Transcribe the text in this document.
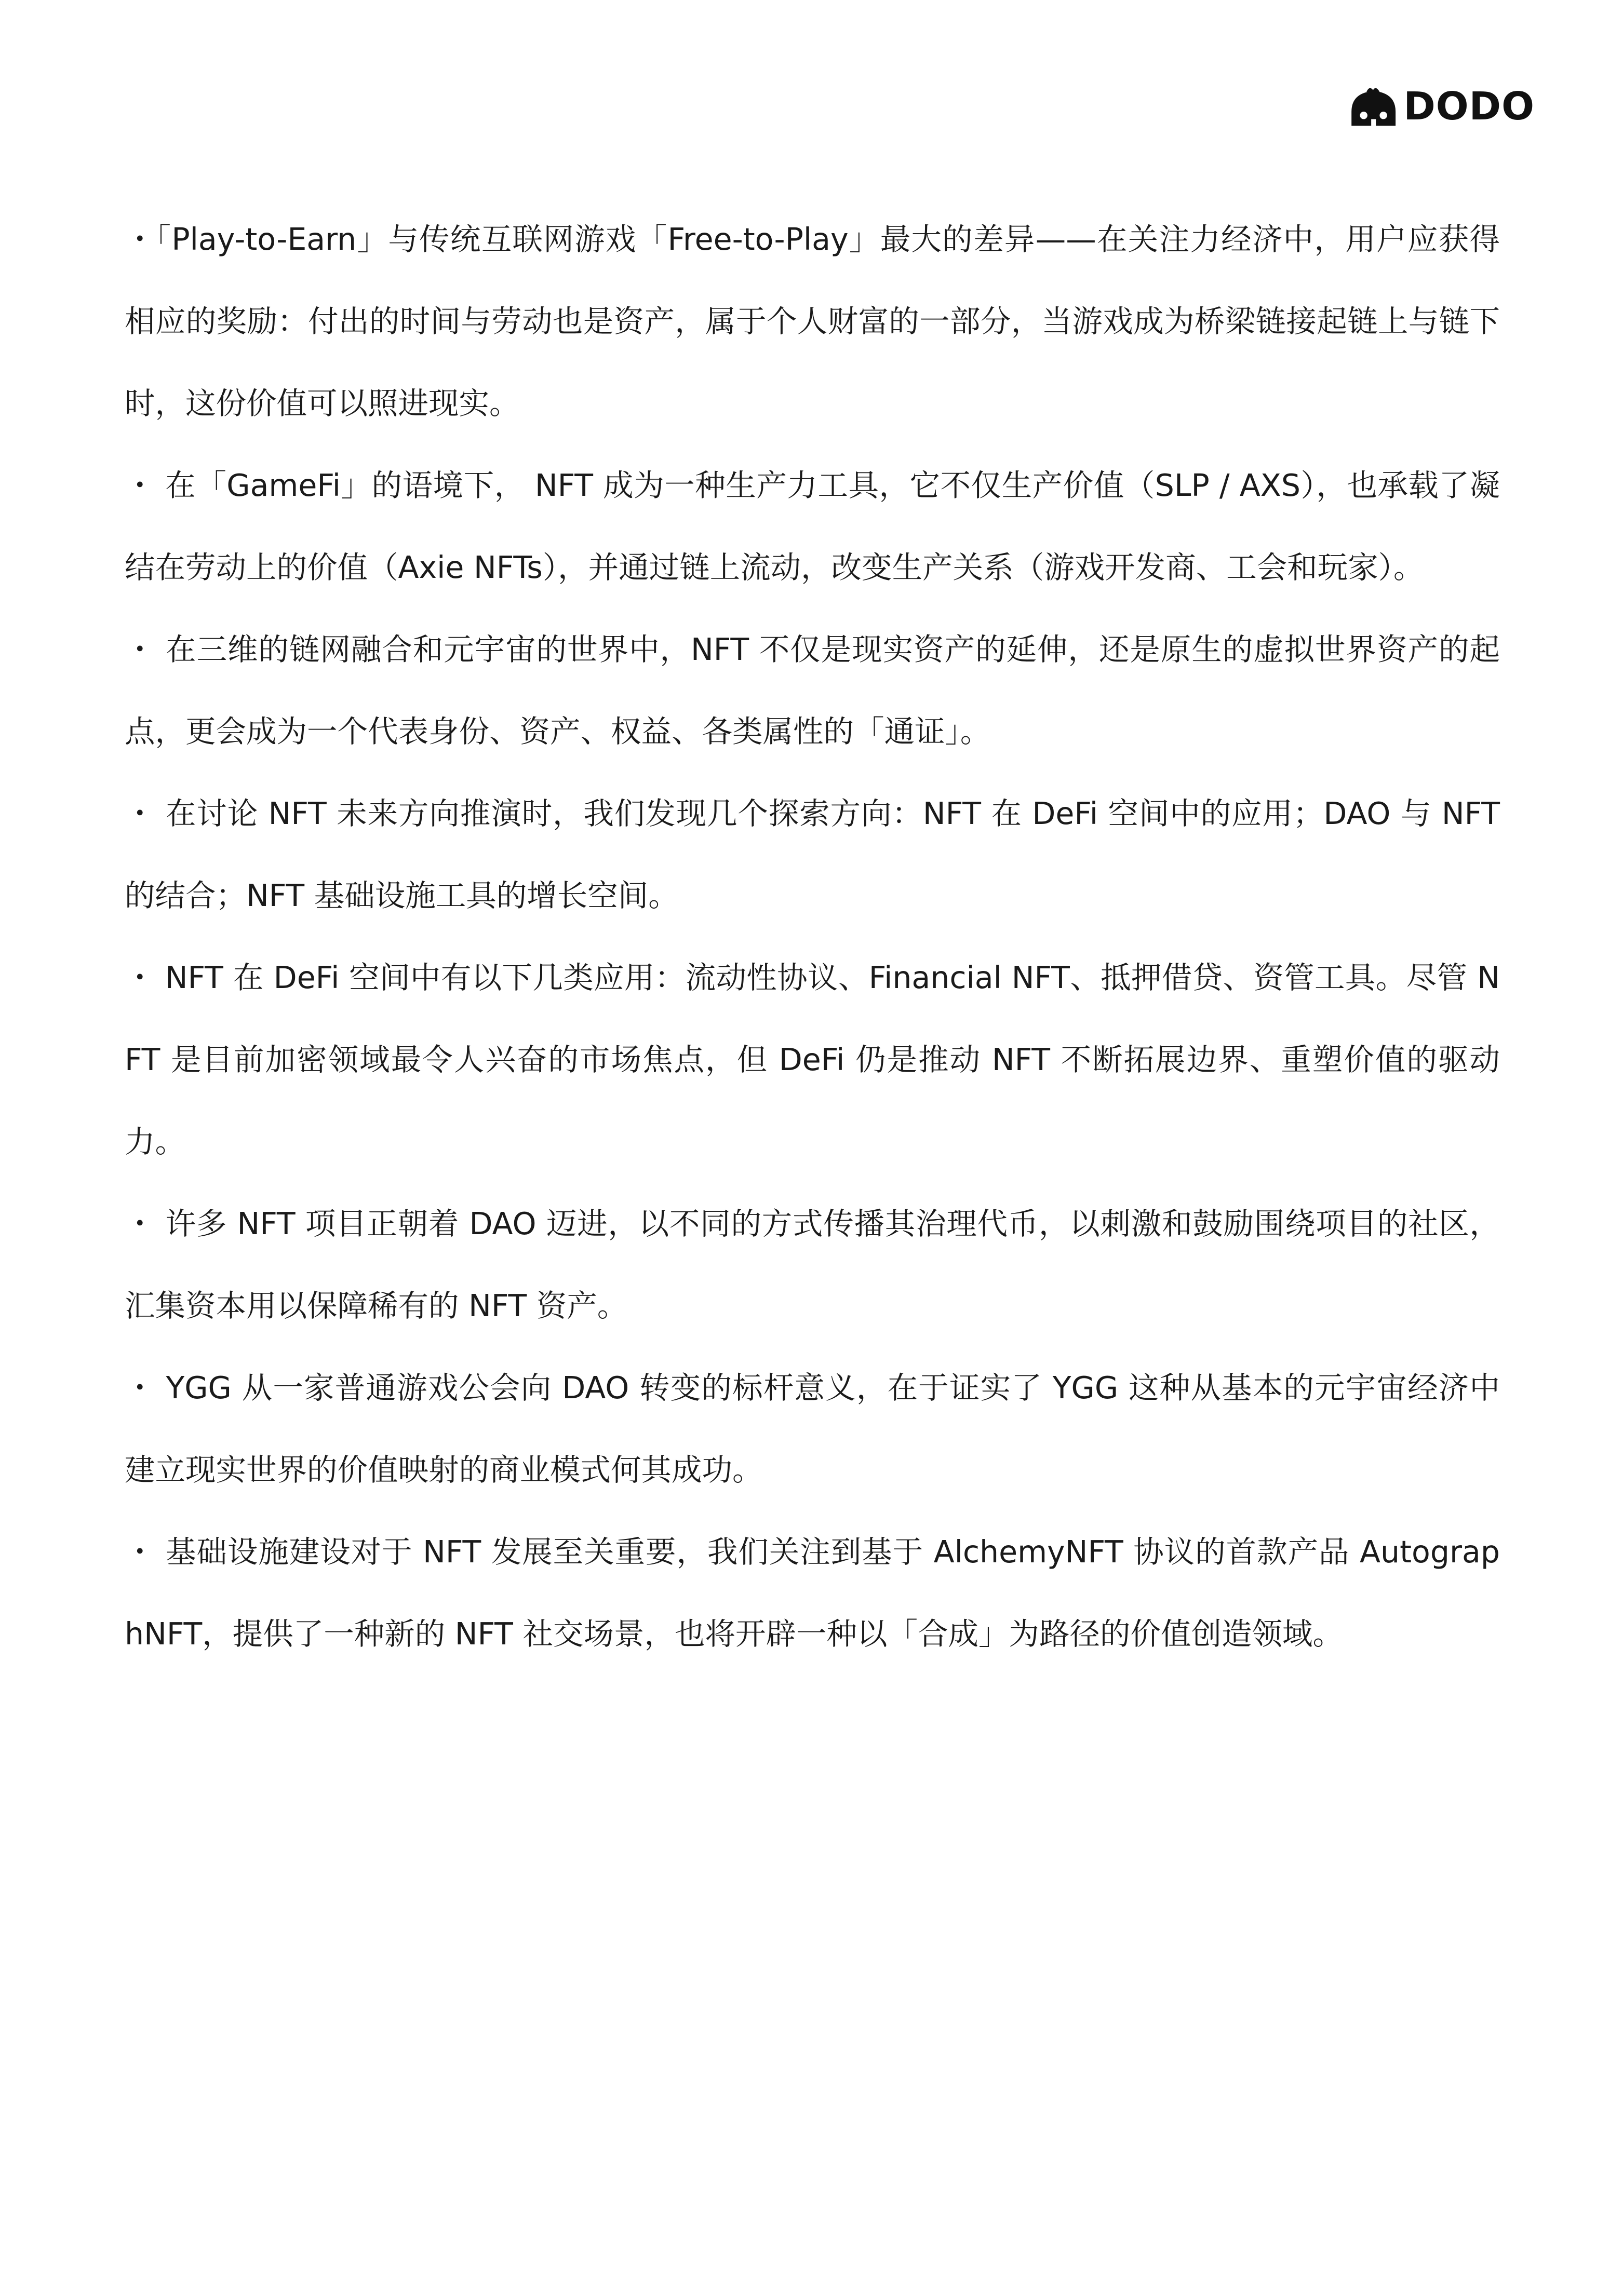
DODO

・「Play-to-Earn」与传统互联网游戏「Free-to-Play」最大的差异——在关注力经济中，用户应获得相应的奖励：付出的时间与劳动也是资产，属于个人财富的一部分，当游戏成为桥梁链接起链上与链下时，这份价值可以照进现实。

・ 在「GameFi」的语境下， NFT 成为一种生产力工具，它不仅生产价值（SLP / AXS），也承载了凝结在劳动上的价值（Axie NFTs），并通过链上流动，改变生产关系（游戏开发商、工会和玩家）。

・ 在三维的链网融合和元宇宙的世界中，NFT 不仅是现实资产的延伸，还是原生的虚拟世界资产的起点，更会成为一个代表身份、资产、权益、各类属性的「通证」。

・ 在讨论 NFT 未来方向推演时，我们发现几个探索方向：NFT 在 DeFi 空间中的应用；DAO 与 NFT 的结合；NFT 基础设施工具的增长空间。

・ NFT 在 DeFi 空间中有以下几类应用：流动性协议、Financial NFT、抵押借贷、资管工具。尽管 NFT 是目前加密领域最令人兴奋的市场焦点，但 DeFi 仍是推动 NFT 不断拓展边界、重塑价值的驱动力。

・ 许多 NFT 项目正朝着 DAO 迈进，以不同的方式传播其治理代币，以刺激和鼓励围绕项目的社区，汇集资本用以保障稀有的 NFT 资产。

・ YGG 从一家普通游戏公会向 DAO 转变的标杆意义，在于证实了 YGG 这种从基本的元宇宙经济中建立现实世界的价值映射的商业模式何其成功。

・ 基础设施建设对于 NFT 发展至关重要，我们关注到基于 AlchemyNFT 协议的首款产品 AutographNFT，提供了一种新的 NFT 社交场景，也将开辟一种以「合成」为路径的价值创造领域。
